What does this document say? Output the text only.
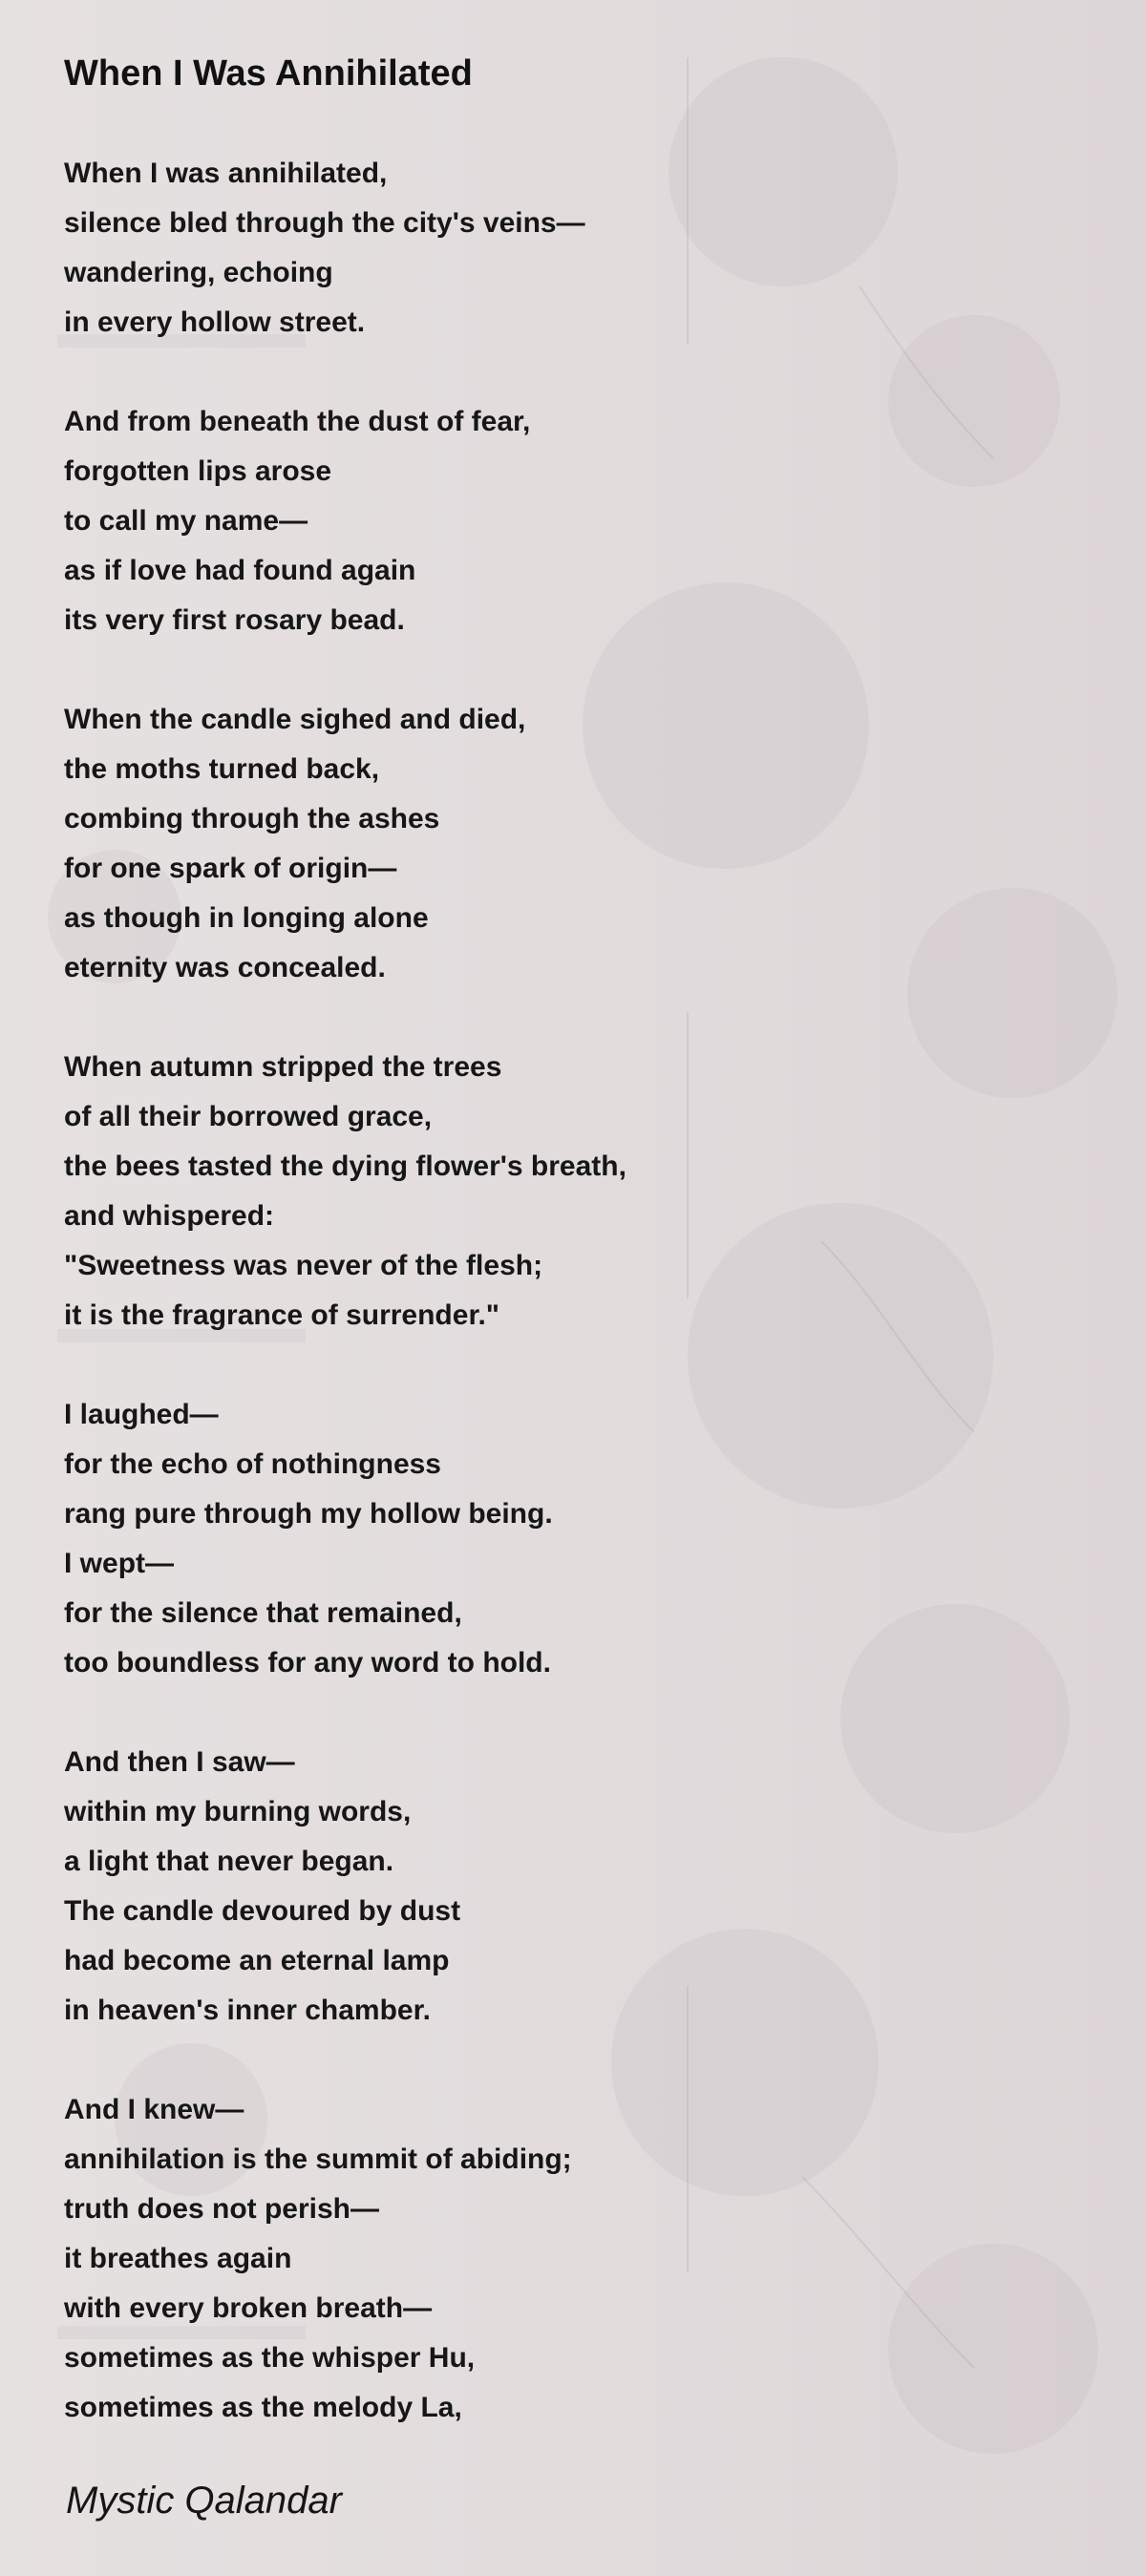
When I Was Annihilated

When I was annihilated,
silence bled through the city's veins—
wandering, echoing
in every hollow street.

And from beneath the dust of fear,
forgotten lips arose
to call my name—
as if love had found again
its very first rosary bead.

When the candle sighed and died,
the moths turned back,
combing through the ashes
for one spark of origin—
as though in longing alone
eternity was concealed.

When autumn stripped the trees
of all their borrowed grace,
the bees tasted the dying flower's breath,
and whispered:
"Sweetness was never of the flesh;
it is the fragrance of surrender."

I laughed—
for the echo of nothingness
rang pure through my hollow being.
I wept—
for the silence that remained,
too boundless for any word to hold.

And then I saw—
within my burning words,
a light that never began.
The candle devoured by dust
had become an eternal lamp
in heaven's inner chamber.

And I knew—
annihilation is the summit of abiding;
truth does not perish—
it breathes again
with every broken breath—
sometimes as the whisper Hu,
sometimes as the melody La,

Mystic Qalandar
